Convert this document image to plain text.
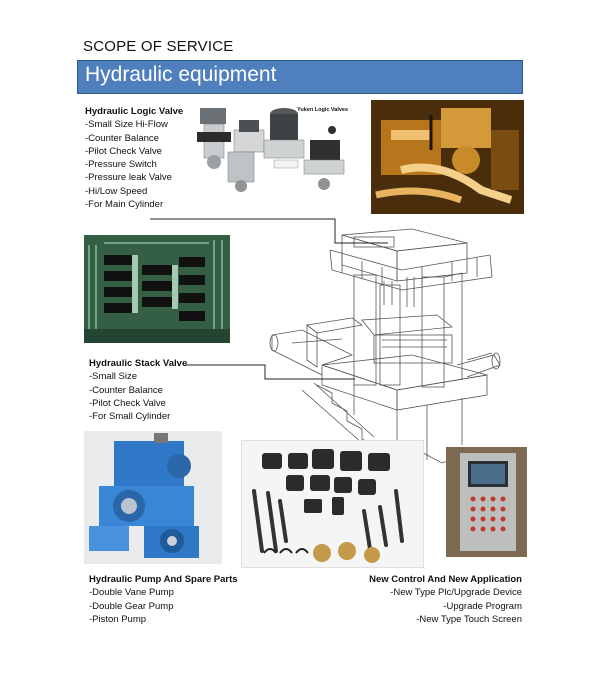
SCOPE OF SERVICE
Hydraulic equipment
Hydraulic Logic Valve
-Small Size Hi-Flow
-Counter Balance
-Pilot Check Valve
-Pressure Switch
-Pressure leak Valve
-Hi/Low Speed
-For Main Cylinder
Yuken Logic Valves
Hydraulic Stack Valve
-Small Size
-Counter Balance
-Pilot Check Valve
-For Small Cylinder
Hydraulic Pump And Spare Parts
-Double Vane Pump
-Double Gear Pump
-Piston Pump
New Control And New Application
-New Type Plc/Upgrade Device
-Upgrade Program
-New Type Touch Screen
